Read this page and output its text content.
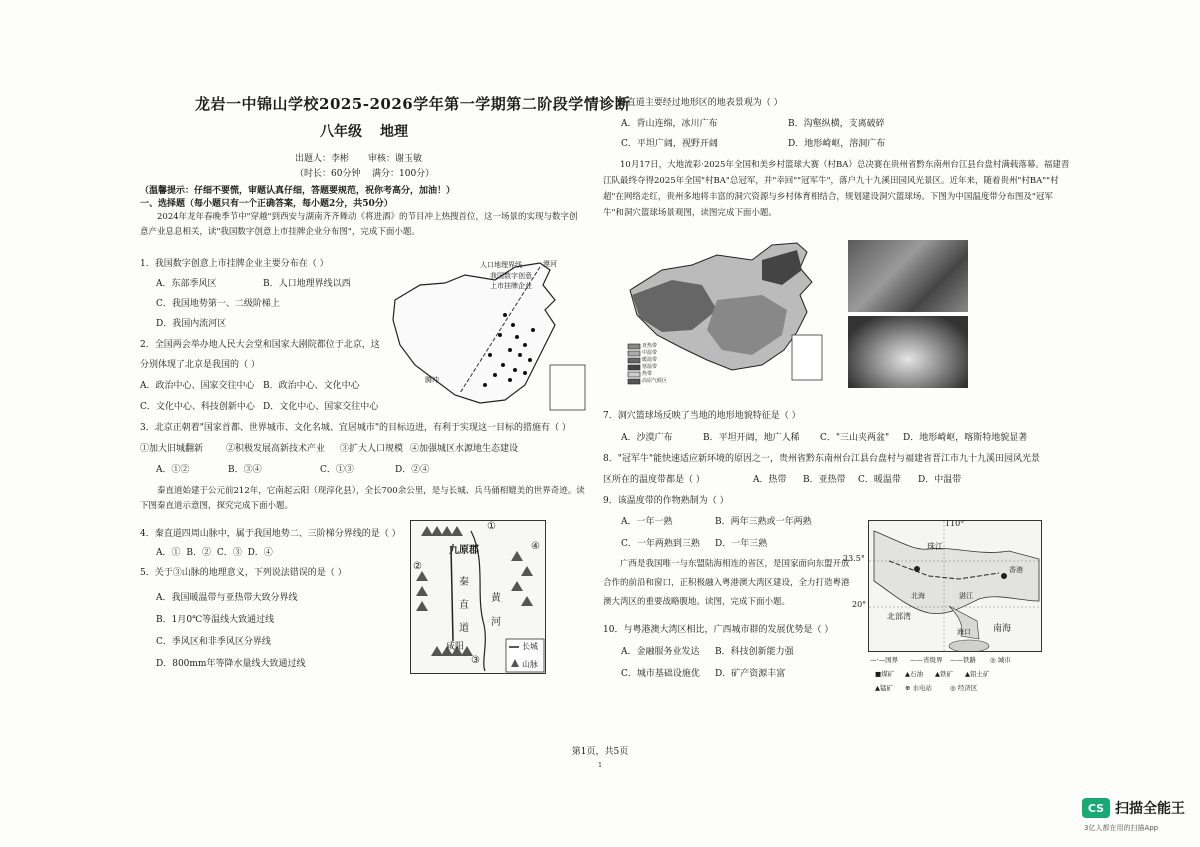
龙岩一中锦山学校2025-2026学年第一学期第二阶段学情诊断
八年级 地理
出题人：李彬 审核：谢玉敏
（时长：60分钟 满分：100分）
（温馨提示：仔细不要慌，审题认真仔细，答题要规范，祝你考高分，加油！）
一、选择题（每小题只有一个正确答案，每小题2分，共50分）
2024年龙年春晚季节中"穿越"到西安与湖南齐齐舞动《将进酒》的节目冲上热搜首位，这一场景的实现与数字创意产业息息相关，读"我国数字创意上市挂牌企业分布图"，完成下面小题。
1．我国数字创意上市挂牌企业主要分布在（ ）
A．东部季风区	B．人口地理界线以西
C．我国地势第一、二级阶梯上
D．我国内流河区
2．全国两会举办地人民大会堂和国家大剧院都位于北京，这
分别体现了北京是我国的（ ）
A．政治中心、国家交往中心 B．政治中心、文化中心
C．文化中心、科技创新中心 D．文化中心、国家交往中心
3．北京正朝着"国家首都、世界城市、文化名城、宜居城市"的目标迈进，有利于实现这一目标的措施有（ ）
①加大旧城翻新	②积极发展高新技术产业 ③扩大人口规模 ④加强城区水源地生态建设
A．①②	B．③④	C．①③	D．②④
秦直道始建于公元前212年，它南起云阳（现淳化县），全长700余公里，是与长城、兵马俑相媲美的世界奇迹。读下图秦直道示意图，探究完成下面小题。
4．秦直道四周山脉中，属于我国地势二、三阶梯分界线的是（ ）
A．① B．② C．③ D．④
5．关于③山脉的地理意义，下列说法错误的是（ ）
A．我国暖温带与亚热带大致分界线
B．1月0℃等温线大致通过线
C．季风区和非季风区分界线
D．800mm年等降水量线大致通过线
人口地理界线
我国数字创意
上市挂牌企业
漠河
腾冲
①
②
③
④
九原郡
秦
直
道
咸阳
黄
河
长城
山脉
6．秦直道主要经过地形区的地表景观为（ ）
A．背山连绵，冰川广布	B．沟壑纵横，支离破碎
C．平坦广阔，视野开阔	D．地形崎岖，溶洞广布
10月17日，大地流彩·2025年全国和美乡村篮球大赛（村BA）总决赛在贵州省黔东南州台江县台盘村满载落幕。福建晋江队最终夺得2025年全国"村BA"总冠军，并"幸回""冠军牛"，落户九十九溪田园风光景区。近年来，随着贵州"村BA""村超"在网络走红，贵州多地将丰富的洞穴资源与乡村体育相结合，规划建设洞穴篮球场。下图为中国温度带分布图及"冠军牛"和洞穴篮球场景观图，读图完成下面小题。
7．洞穴篮球场反映了当地的地形地貌特征是（ ）
A．沙漠广布	B．平坦开阔，地广人稀 C．"三山夹两盆" D．地形崎岖，喀斯特地貌显著
8．"冠军牛"能快速适应新环境的原因之一，贵州省黔东南州台江县台盘村与福建省晋江市九十九溪田园风光景
区所在的温度带都是（ ）	A．热带 B．亚热带 C．暖温带 D．中温带
9．该温度带的作物熟制为（ ）
A．一年一熟	B．两年三熟或一年两熟
C．一年两熟到三熟 D．一年三熟
广西是我国唯一与东盟陆海相连的省区，是国家面向东盟开放合作的前沿和窗口，正积极融入粤港澳大湾区建设，全力打造粤港澳大湾区的重要战略腹地。读图，完成下面小题。
10．与粤港澳大湾区相比，广西城市群的发展优势是（ ）
A．金融服务业发达 B．科技创新能力强
C．城市基础设施优 D．矿产资源丰富
亚热带
中温带
暖温带
寒温带
热带
高原气候区
110°
珠江
香港
北海	湛江
海口
北部湾
南海
23.5°
20°
—·—国界 ——省级界 ——铁路 ◎ 城市
■煤矿 ▲石油 ▲铁矿 ▲铝土矿
▲锰矿 ⊕ 水电站	◎ 经济区
第1页，共5页
1
CS 扫描全能王
3亿人都在用的扫描App
